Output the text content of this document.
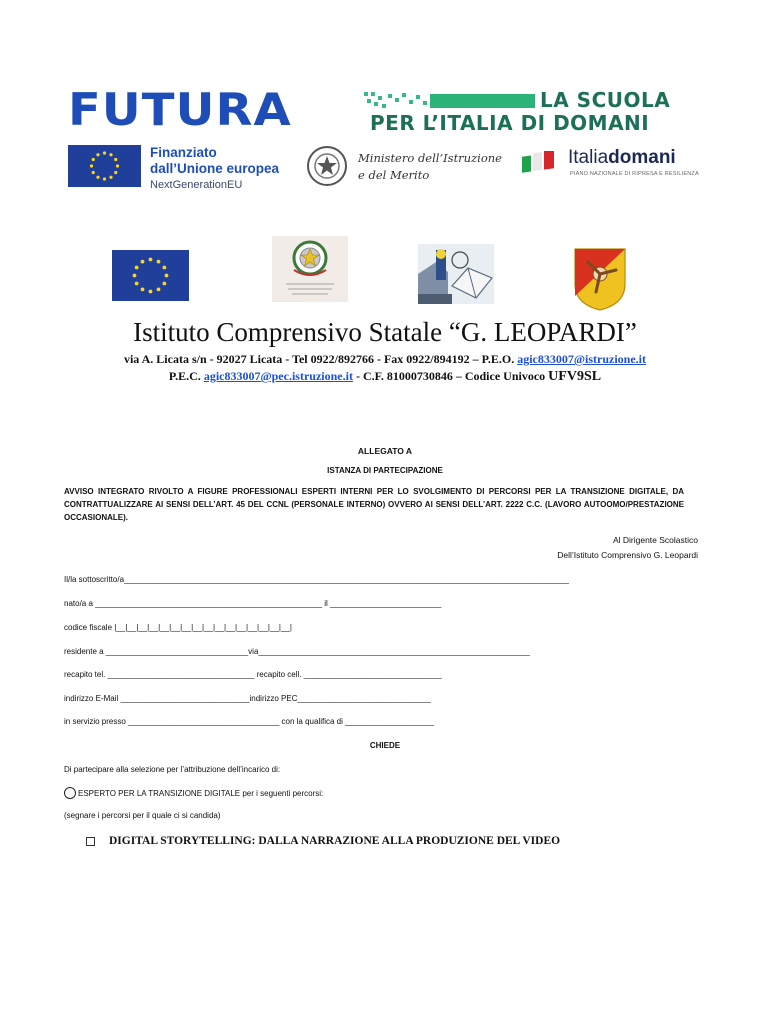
FUTURA	LA SCUOLA
PER L’ITALIA DI DOMANI
Finanziato
dall’Unione europea
NextGenerationEU
Ministero dell’Istruzione
e del Merito
Italiadomani
PIANO NAZIONALE DI RIPRESA E RESILIENZA
Istituto Comprensivo Statale “G. LEOPARDI”
via A. Licata s/n - 92027 Licata - Tel 0922/892766 - Fax 0922/894192 – P.E.O. agic833007@istruzione.it
P.E.C. agic833007@pec.istruzione.it - C.F. 81000730846 – Codice Univoco UFV9SL
ALLEGATO A
ISTANZA DI PARTECIPAZIONE
AVVISO INTEGRATO RIVOLTO A FIGURE PROFESSIONALI ESPERTI INTERNI PER LO SVOLGIMENTO DI PERCORSI PER LA TRANSIZIONE DIGITALE, DA CONTRATTUALIZZARE AI SENSI DELL’ART. 45 DEL CCNL (PERSONALE INTERNO) OVVERO AI SENSI DELL’ART. 2222 C.C. (LAVORO AUTOOMO/PRESTAZIONE OCCASIONALE).
Al Dirigente Scolastico
Dell’Istituto Comprensivo G. Leopardi
Il/la sottoscritto/a____________________________________________________________________________________________________
nato/a a ___________________________________________________ il _________________________
codice fiscale |__|__|__|__|__|__|__|__|__|__|__|__|__|__|__|__|
residente a ________________________________via_____________________________________________________________
recapito tel. _________________________________ recapito cell. _______________________________
indirizzo E-Mail _____________________________indirizzo PEC______________________________
in servizio presso __________________________________ con la qualifica di ____________________
CHIEDE
Di partecipare alla selezione per l’attribuzione dell’incarico di:
ESPERTO PER LA TRANSIZIONE DIGITALE per i seguenti percorsi:
(segnare i percorsi per il quale ci si candida)
DIGITAL STORYTELLING: DALLA NARRAZIONE ALLA PRODUZIONE DEL VIDEO
